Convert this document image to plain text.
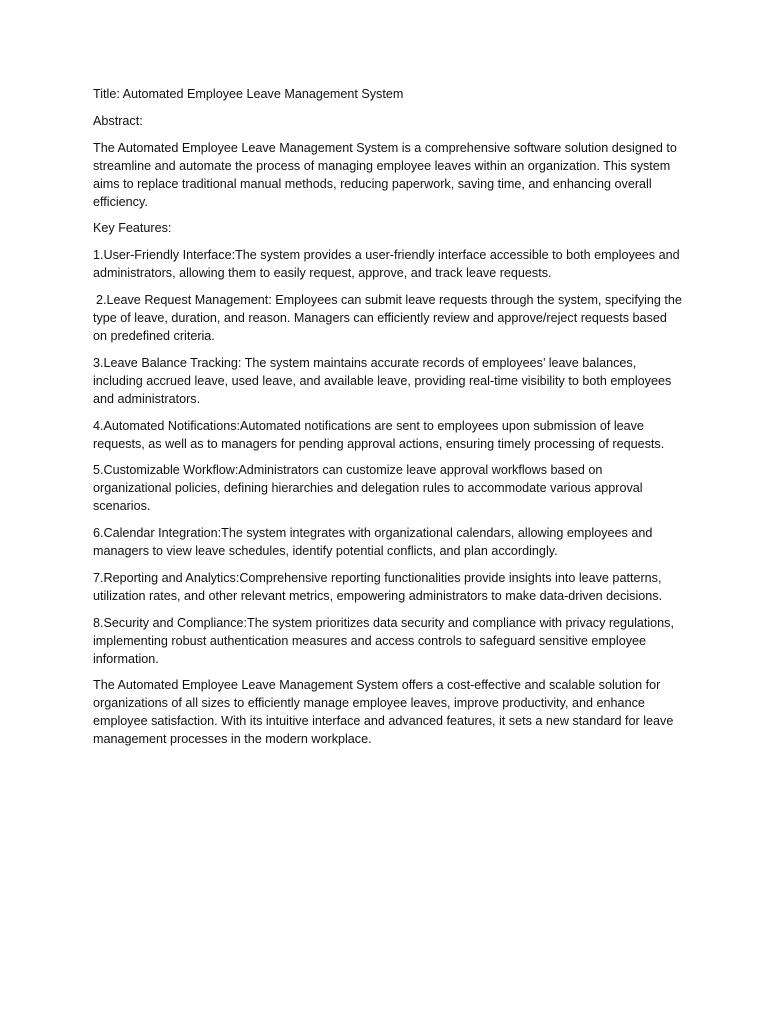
Title: Automated Employee Leave Management System

Abstract:

The Automated Employee Leave Management System is a comprehensive software solution designed to streamline and automate the process of managing employee leaves within an organization. This system aims to replace traditional manual methods, reducing paperwork, saving time, and enhancing overall efficiency.

Key Features:

1.User-Friendly Interface:The system provides a user-friendly interface accessible to both employees and administrators, allowing them to easily request, approve, and track leave requests.

2.Leave Request Management: Employees can submit leave requests through the system, specifying the type of leave, duration, and reason. Managers can efficiently review and approve/reject requests based on predefined criteria.

3.Leave Balance Tracking: The system maintains accurate records of employees’ leave balances, including accrued leave, used leave, and available leave, providing real-time visibility to both employees and administrators.

4.Automated Notifications:Automated notifications are sent to employees upon submission of leave requests, as well as to managers for pending approval actions, ensuring timely processing of requests.

5.Customizable Workflow:Administrators can customize leave approval workflows based on organizational policies, defining hierarchies and delegation rules to accommodate various approval scenarios.

6.Calendar Integration:The system integrates with organizational calendars, allowing employees and managers to view leave schedules, identify potential conflicts, and plan accordingly.

7.Reporting and Analytics:Comprehensive reporting functionalities provide insights into leave patterns, utilization rates, and other relevant metrics, empowering administrators to make data-driven decisions.

8.Security and Compliance:The system prioritizes data security and compliance with privacy regulations, implementing robust authentication measures and access controls to safeguard sensitive employee information.

The Automated Employee Leave Management System offers a cost-effective and scalable solution for organizations of all sizes to efficiently manage employee leaves, improve productivity, and enhance employee satisfaction. With its intuitive interface and advanced features, it sets a new standard for leave management processes in the modern workplace.
